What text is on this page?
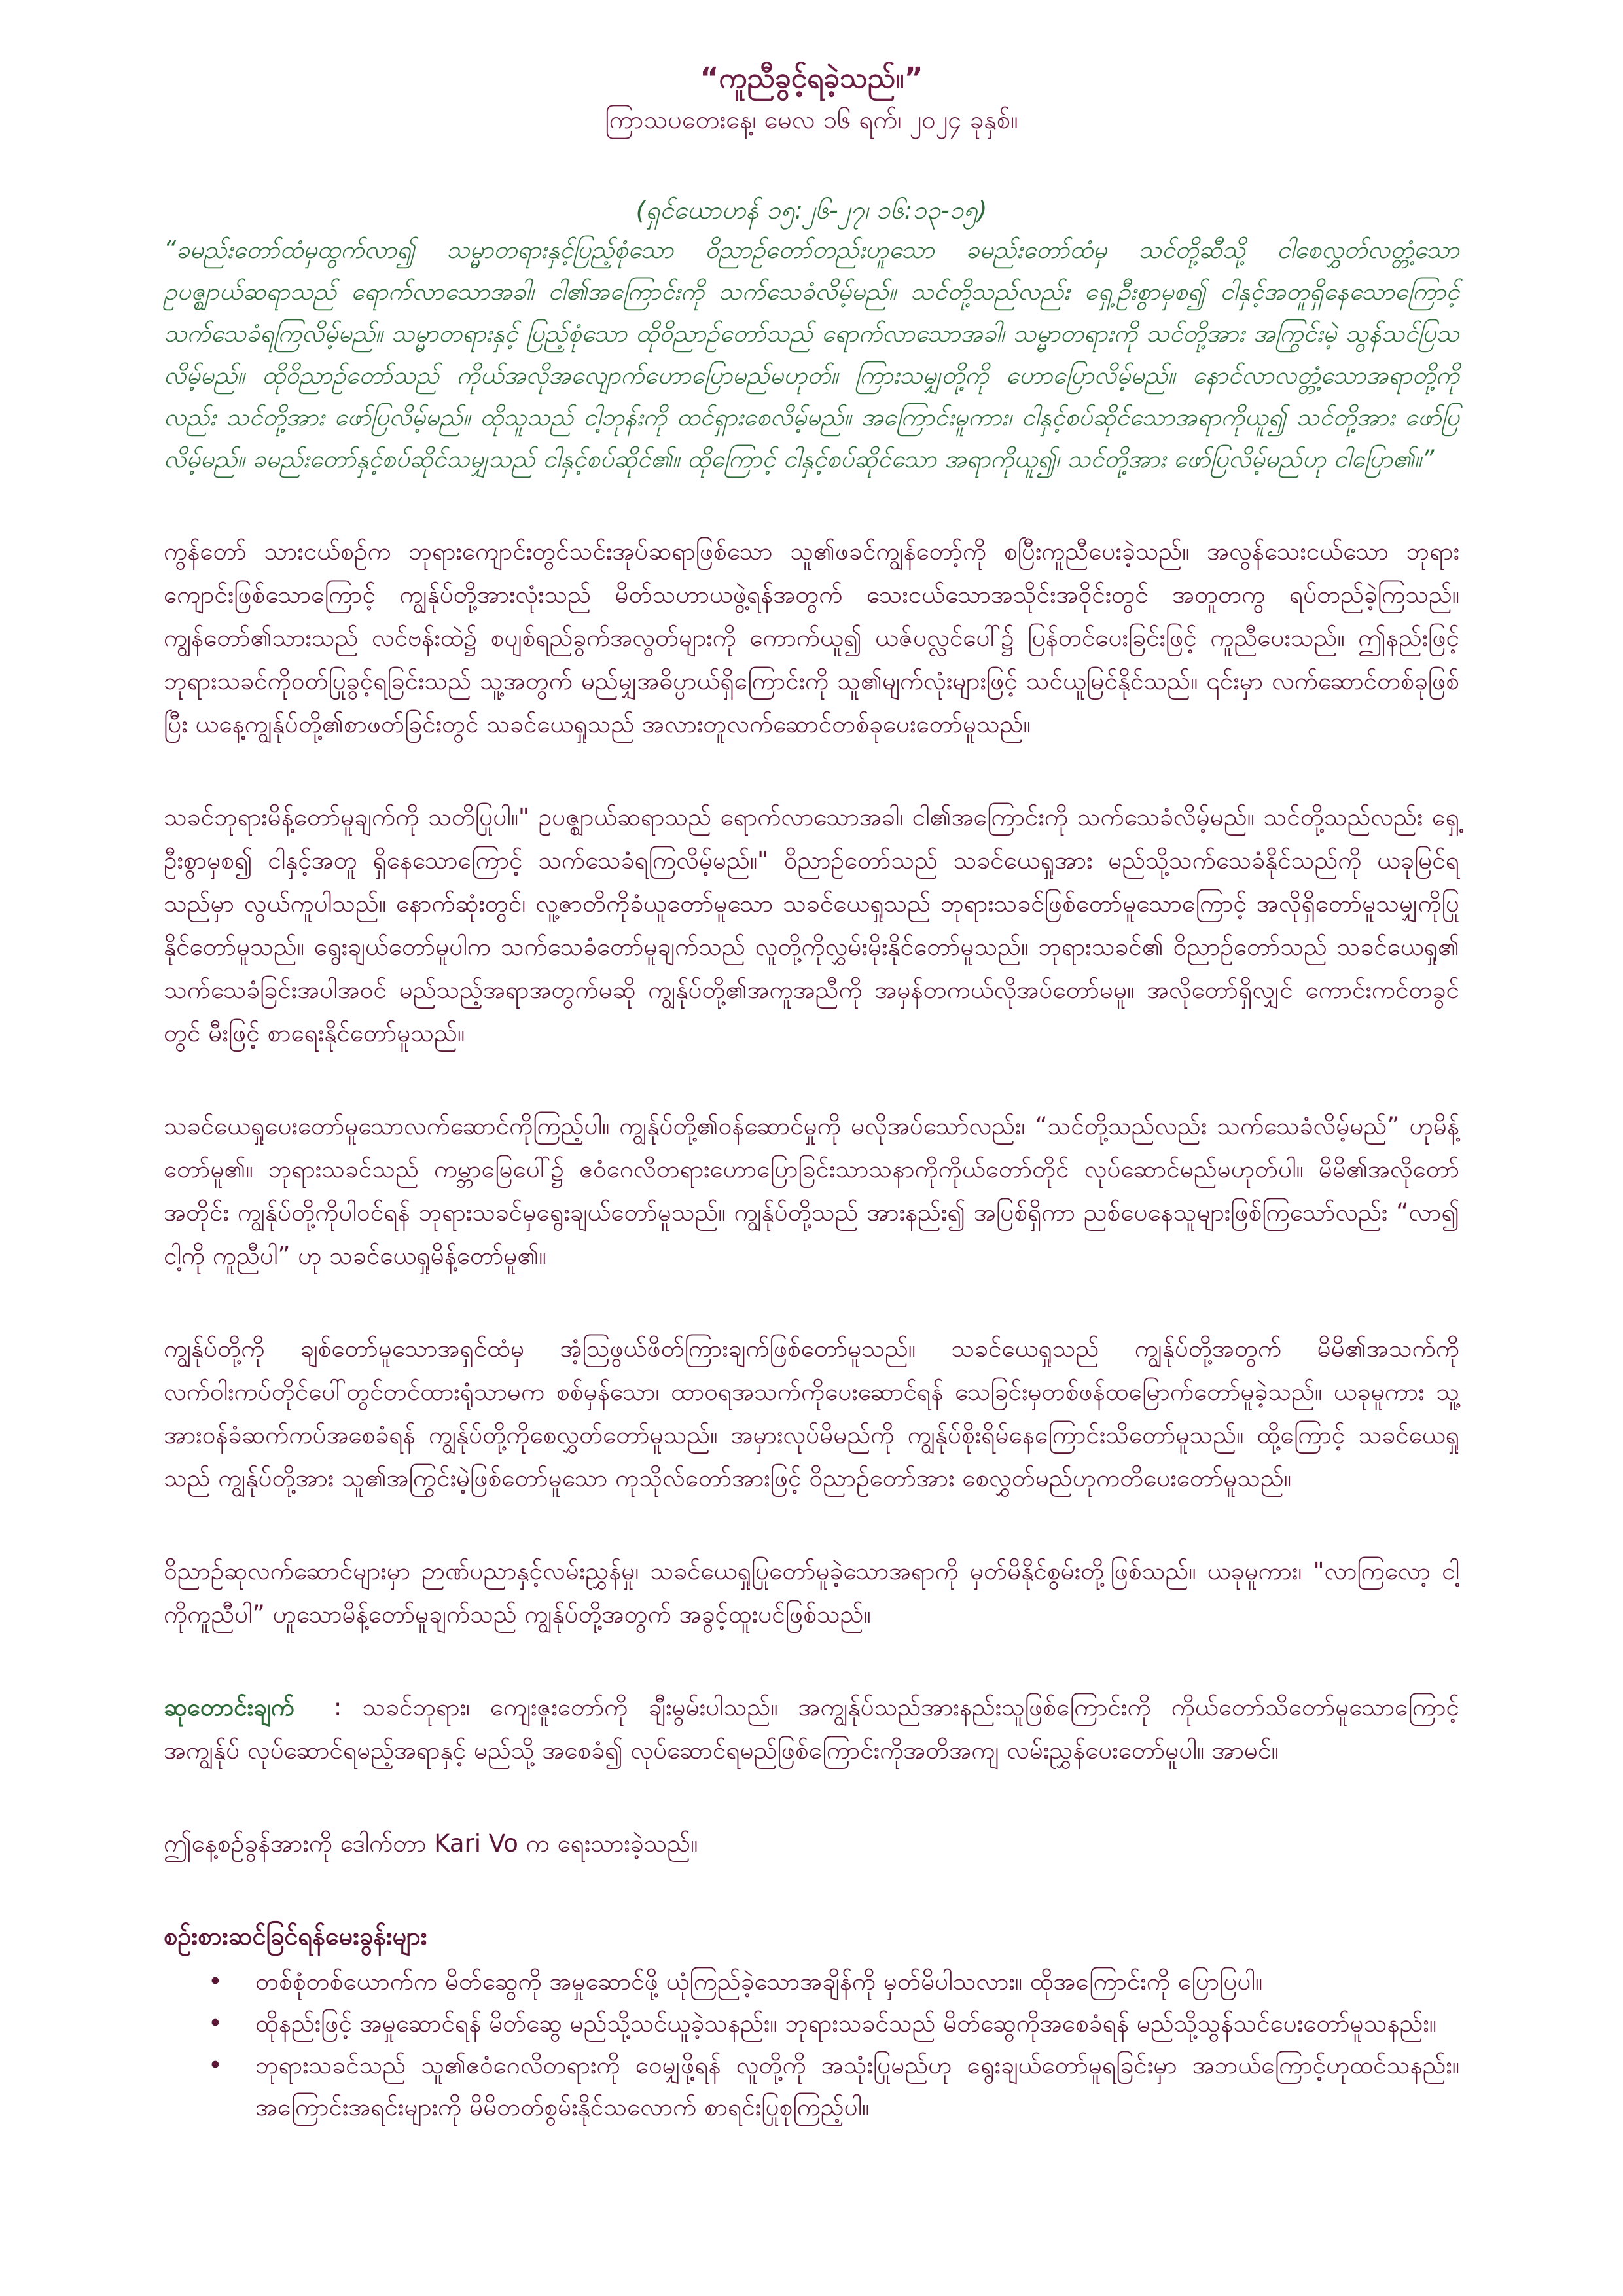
“ကူညီခွင့်ရခဲ့သည်။”

ကြာသပတေးနေ့၊ မေလ ၁၆ ရက်၊ ၂၀၂၄ ခုနှစ်။

(ရှင်ယောဟန် ၁၅:၂၆-၂၇၊ ၁၆:၁၃-၁၅)

“ခမည်းတော်ထံမှထွက်လာ၍ သမ္မာတရားနှင့်ပြည့်စုံသော ဝိညာဉ်တော်တည်းဟူသော ခမည်းတော်ထံမှ သင်တို့ဆီသို့ ငါစေလွှတ်လတ္တံ့သော ဥပဇ္ဈာယ်ဆရာသည် ရောက်လာသောအခါ၊ ငါ၏အကြောင်းကို သက်သေခံလိမ့်မည်။ သင်တို့သည်လည်း ရှေ့ဦးစွာမှစ၍ ငါနှင့်အတူရှိနေသောကြောင့် သက်သေခံရကြလိမ့်မည်။ သမ္မာတရားနှင့် ပြည့်စုံသော ထိုဝိညာဉ်တော်သည် ရောက်လာသောအခါ၊ သမ္မာတရားကို သင်တို့အား အကြွင်းမဲ့ သွန်သင်ပြသလိမ့်မည်။ ထိုဝိညာဉ်တော်သည် ကိုယ်အလိုအလျောက်ဟောပြောမည်မဟုတ်။ ကြားသမျှတို့ကို ဟောပြောလိမ့်မည်။ နောင်လာလတ္တံ့သောအရာတို့ကိုလည်း သင်တို့အား ဖော်ပြလိမ့်မည်။ ထိုသူသည် ငါ့ဘုန်းကို ထင်ရှားစေလိမ့်မည်။ အကြောင်းမူကား၊ ငါနှင့်စပ်ဆိုင်သောအရာကိုယူ၍ သင်တို့အား ဖော်ပြလိမ့်မည်။ ခမည်းတော်နှင့်စပ်ဆိုင်သမျှသည် ငါနှင့်စပ်ဆိုင်၏။ ထိုကြောင့် ငါနှင့်စပ်ဆိုင်သော အရာကိုယူ၍၊ သင်တို့အား ဖော်ပြလိမ့်မည်ဟု ငါပြော၏။”

ကွန်တော် သားငယ်စဉ်က ဘုရားကျောင်းတွင်သင်းအုပ်ဆရာဖြစ်သော သူ၏ဖခင်ကျွန်တော့်ကို စပြီးကူညီပေးခဲ့သည်။ အလွန်သေးငယ်သော ဘုရားကျောင်းဖြစ်သောကြောင့် ကျွန်ုပ်တို့အားလုံးသည် မိတ်သဟာယဖွဲ့ရန်အတွက် သေးငယ်သောအသိုင်းအဝိုင်းတွင် အတူတကွ ရပ်တည်ခဲ့ကြသည်။ ကျွန်တော်၏သားသည် လင်ဗန်းထဲ၌ စပျစ်ရည်ခွက်အလွတ်များကို ကောက်ယူ၍ ယဇ်ပလ္လင်ပေါ်၌ ပြန်တင်ပေးခြင်းဖြင့် ကူညီပေးသည်။ ဤနည်းဖြင့် ဘုရားသခင်ကိုဝတ်ပြုခွင့်ရခြင်းသည် သူ့အတွက် မည်မျှအဓိပ္ပာယ်ရှိကြောင်းကို သူ၏မျက်လုံးများဖြင့် သင်ယူမြင်နိုင်သည်။ ၎င်းမှာ လက်ဆောင်တစ်ခုဖြစ်ပြီး ယနေ့ကျွန်ုပ်တို့၏စာဖတ်ခြင်းတွင် သခင်ယေရှုသည် အလားတူလက်ဆောင်တစ်ခုပေးတော်မူသည်။

သခင်ဘုရားမိန့်တော်မူချက်ကို သတိပြုပါ။" ဥပဇ္ဈာယ်ဆရာသည် ရောက်လာသောအခါ၊ ငါ၏အကြောင်းကို သက်သေခံလိမ့်မည်။ သင်တို့သည်လည်း ရှေ့ဦးစွာမှစ၍ ငါနှင့်အတူ ရှိနေသောကြောင့် သက်သေခံရကြလိမ့်မည်။" ဝိညာဉ်တော်သည် သခင်ယေရှုအား မည်သို့သက်သေခံနိုင်သည်ကို ယခုမြင်ရသည်မှာ လွယ်ကူပါသည်။ နောက်ဆုံးတွင်၊ လူ့ဇာတိကိုခံယူတော်မူသော သခင်ယေရှုသည် ဘုရားသခင်ဖြစ်တော်မူသောကြောင့် အလိုရှိတော်မူသမျှကိုပြုနိုင်တော်မူသည်။ ရွေးချယ်တော်မူပါက သက်သေခံတော်မူချက်သည် လူတို့ကိုလွှမ်းမိုးနိုင်တော်မူသည်။ ဘုရားသခင်၏ ဝိညာဉ်တော်သည် သခင်ယေရှု၏ သက်သေခံခြင်းအပါအဝင် မည်သည့်အရာအတွက်မဆို ကျွန်ုပ်တို့၏အကူအညီကို အမှန်တကယ်လိုအပ်တော်မမူ။ အလိုတော်ရှိလျှင် ကောင်းကင်တခွင်တွင် မီးဖြင့် စာရေးနိုင်တော်မူသည်။

သခင်ယေရှုပေးတော်မူသောလက်ဆောင်ကိုကြည့်ပါ။ ကျွန်ုပ်တို့၏ဝန်ဆောင်မှုကို မလိုအပ်သော်လည်း၊ “သင်တို့သည်လည်း သက်သေခံလိမ့်မည်” ဟုမိန့်တော်မူ၏။ ဘုရားသခင်သည် ကမ္ဘာမြေပေါ်၌ ဧဝံဂေလိတရားဟောပြောခြင်းသာသနာကိုကိုယ်တော်တိုင် လုပ်ဆောင်မည်မဟုတ်ပါ။ မိမိ၏အလိုတော်အတိုင်း ကျွန်ုပ်တို့ကိုပါဝင်ရန် ဘုရားသခင်မှရွေးချယ်တော်မူသည်။ ကျွန်ုပ်တို့သည် အားနည်း၍ အပြစ်ရှိကာ ညစ်ပေနေသူများဖြစ်ကြသော်လည်း “လာ၍ ငါ့ကို ကူညီပါ” ဟု သခင်ယေရှုမိန့်တော်မူ၏။

ကျွန်ုပ်တို့ကို ချစ်တော်မူသောအရှင်ထံမှ အံ့သြဖွယ်ဖိတ်ကြားချက်ဖြစ်တော်မူသည်။ သခင်ယေရှုသည် ကျွန်ုပ်တို့အတွက် မိမိ၏အသက်ကို လက်ဝါးကပ်တိုင်ပေါ်တွင်တင်ထားရုံသာမက စစ်မှန်သော၊ ထာဝရအသက်ကိုပေးဆောင်ရန် သေခြင်းမှတစ်ဖန်ထမြောက်တော်မူခဲ့သည်။ ယခုမူကား သူ့အားဝန်ခံဆက်ကပ်အစေခံရန် ကျွန်ုပ်တို့ကိုစေလွှတ်တော်မူသည်။ အမှားလုပ်မိမည်ကို ကျွန်ုပ်စိုးရိမ်နေကြောင်းသိတော်မူသည်။ ထို့ကြောင့် သခင်ယေရှုသည် ကျွန်ုပ်တို့အား သူ၏အကြွင်းမဲ့ဖြစ်တော်မူသော ကုသိုလ်တော်အားဖြင့် ဝိညာဉ်တော်အား စေလွှတ်မည်ဟုကတိပေးတော်မူသည်။

ဝိညာဉ်ဆုလက်ဆောင်များမှာ ဉာဏ်ပညာနှင့်လမ်းညွှန်မှု၊ သခင်ယေရှုပြုတော်မူခဲ့သောအရာကို မှတ်မိနိုင်စွမ်းတို့ဖြစ်သည်။ ယခုမူကား၊ "လာကြလော့ ငါ့ကိုကူညီပါ” ဟူသောမိန့်တော်မူချက်သည် ကျွန်ုပ်တို့အတွက် အခွင့်ထူးပင်ဖြစ်သည်။

ဆုတောင်းချက် : သခင်ဘုရား၊ ကျေးဇူးတော်ကို ချီးမွမ်းပါသည်။ အကျွန်ုပ်သည်အားနည်းသူဖြစ်ကြောင်းကို ကိုယ်တော်သိတော်မူသောကြောင့် အကျွန်ုပ် လုပ်ဆောင်ရမည့်အရာနှင့် မည်သို့ အစေခံ၍ လုပ်ဆောင်ရမည်ဖြစ်ကြောင်းကိုအတိအကျ လမ်းညွှန်ပေးတော်မူပါ။ အာမင်။

ဤနေ့စဉ်ခွန်အားကို ဒေါက်တာ Kari Vo က ရေးသားခဲ့သည်။

စဉ်းစားဆင်ခြင်ရန်မေးခွန်းများ
• တစ်စုံတစ်ယောက်က မိတ်ဆွေကို အမှုဆောင်ဖို့ ယုံကြည်ခဲ့သောအချိန်ကို မှတ်မိပါသလား။ ထိုအကြောင်းကို ပြောပြပါ။
• ထိုနည်းဖြင့် အမှုဆောင်ရန် မိတ်ဆွေ မည်သို့သင်ယူခဲ့သနည်း။ ဘုရားသခင်သည် မိတ်ဆွေကိုအစေခံရန် မည်သို့သွန်သင်ပေးတော်မူသနည်း။
• ဘုရားသခင်သည် သူ၏ဧဝံဂေလိတရားကို ဝေမျှဖို့ရန် လူတို့ကို အသုံးပြုမည်ဟု ရွေးချယ်တော်မူရခြင်းမှာ အဘယ်ကြောင့်ဟုထင်သနည်း။ အကြောင်းအရင်းများကို မိမိတတ်စွမ်းနိုင်သလောက် စာရင်းပြုစုကြည့်ပါ။
